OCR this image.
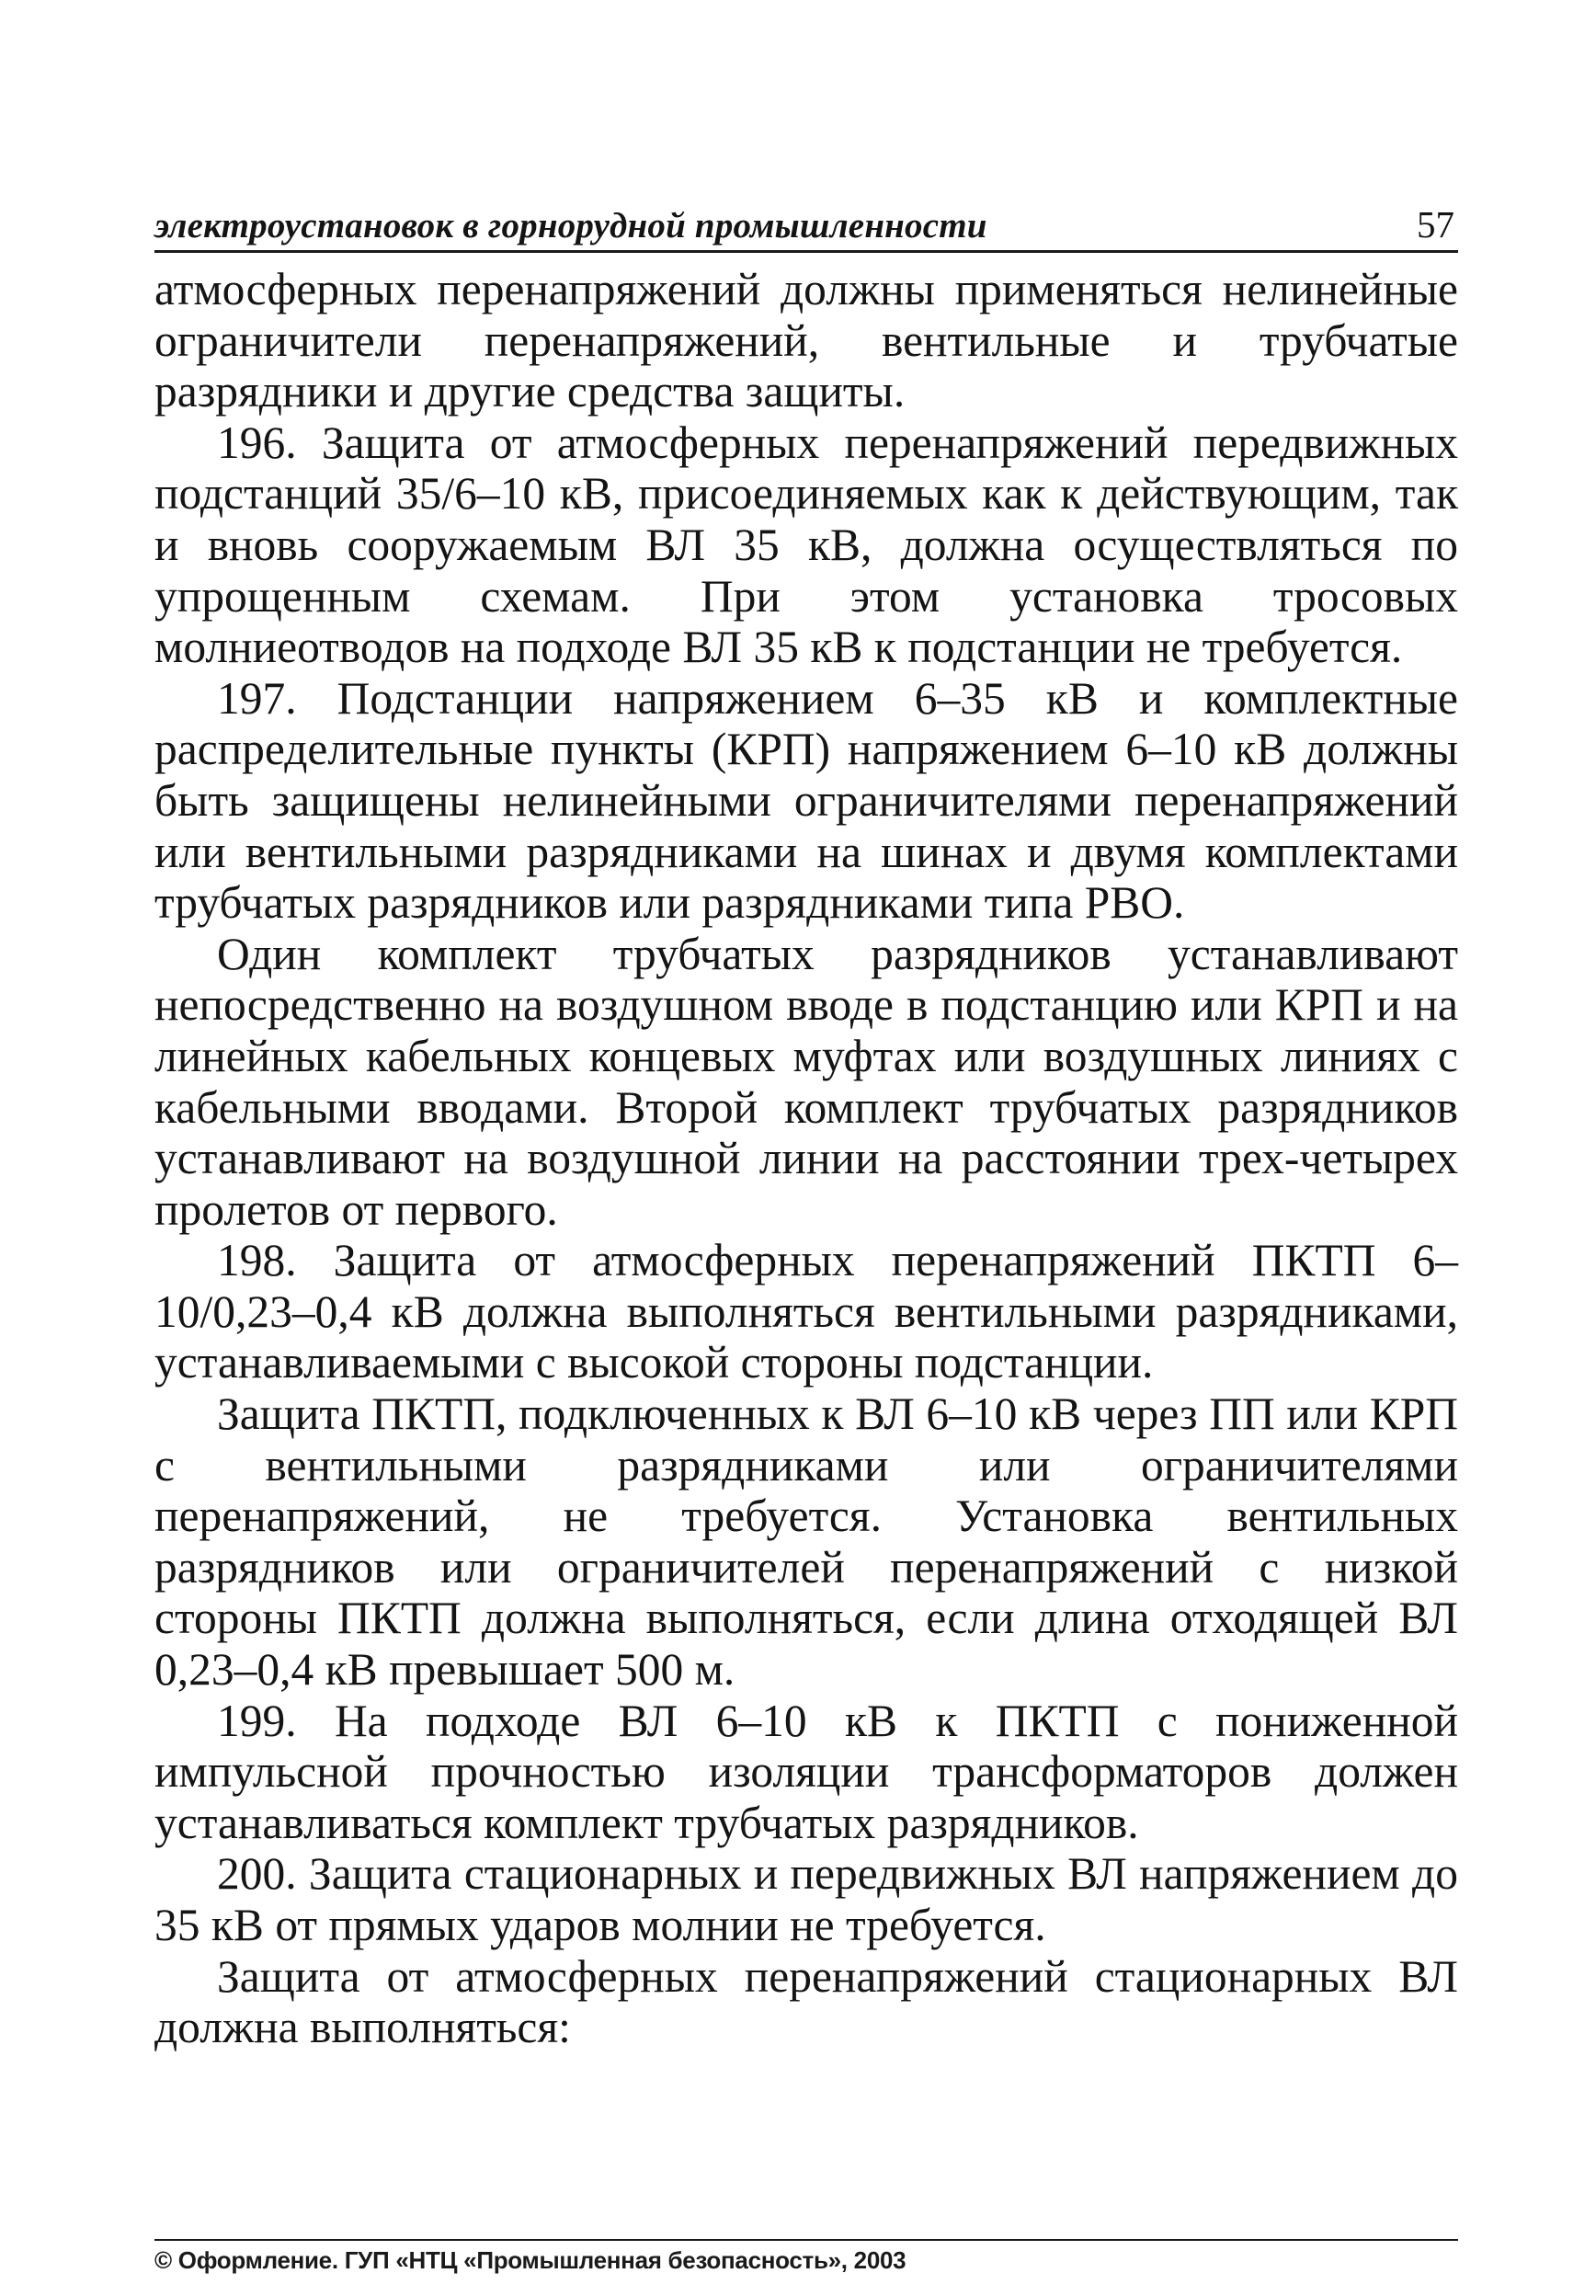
электроустановок в горнорудной промышленности	57

атмосферных перенапряжений должны применяться нелинейные ограничители перенапряжений, вентильные и трубчатые разрядники и другие средства защиты.

196. Защита от атмосферных перенапряжений передвижных подстанций 35/6–10 кВ, присоединяемых как к действующим, так и вновь сооружаемым ВЛ 35 кВ, должна осуществляться по упрощенным схемам. При этом установка тросовых молниеотводов на подходе ВЛ 35 кВ к подстанции не требуется.

197. Подстанции напряжением 6–35 кВ и комплектные распределительные пункты (КРП) напряжением 6–10 кВ должны быть защищены нелинейными ограничителями перенапряжений или вентильными разрядниками на шинах и двумя комплектами трубчатых разрядников или разрядниками типа РВО.

Один комплект трубчатых разрядников устанавливают непосредственно на воздушном вводе в подстанцию или КРП и на линейных кабельных концевых муфтах или воздушных линиях с кабельными вводами. Второй комплект трубчатых разрядников устанавливают на воздушной линии на расстоянии трех-четырех пролетов от первого.

198. Защита от атмосферных перенапряжений ПКТП 6–10/0,23–0,4 кВ должна выполняться вентильными разрядниками, устанавливаемыми с высокой стороны подстанции.

Защита ПКТП, подключенных к ВЛ 6–10 кВ через ПП или КРП с вентильными разрядниками или ограничителями перенапряжений, не требуется. Установка вентильных разрядников или ограничителей перенапряжений с низкой стороны ПКТП должна выполняться, если длина отходящей ВЛ 0,23–0,4 кВ превышает 500 м.

199. На подходе ВЛ 6–10 кВ к ПКТП с пониженной импульсной прочностью изоляции трансформаторов должен устанавливаться комплект трубчатых разрядников.

200. Защита стационарных и передвижных ВЛ напряжением до 35 кВ от прямых ударов молнии не требуется.

Защита от атмосферных перенапряжений стационарных ВЛ должна выполняться:

© Оформление. ГУП «НТЦ «Промышленная безопасность», 2003
